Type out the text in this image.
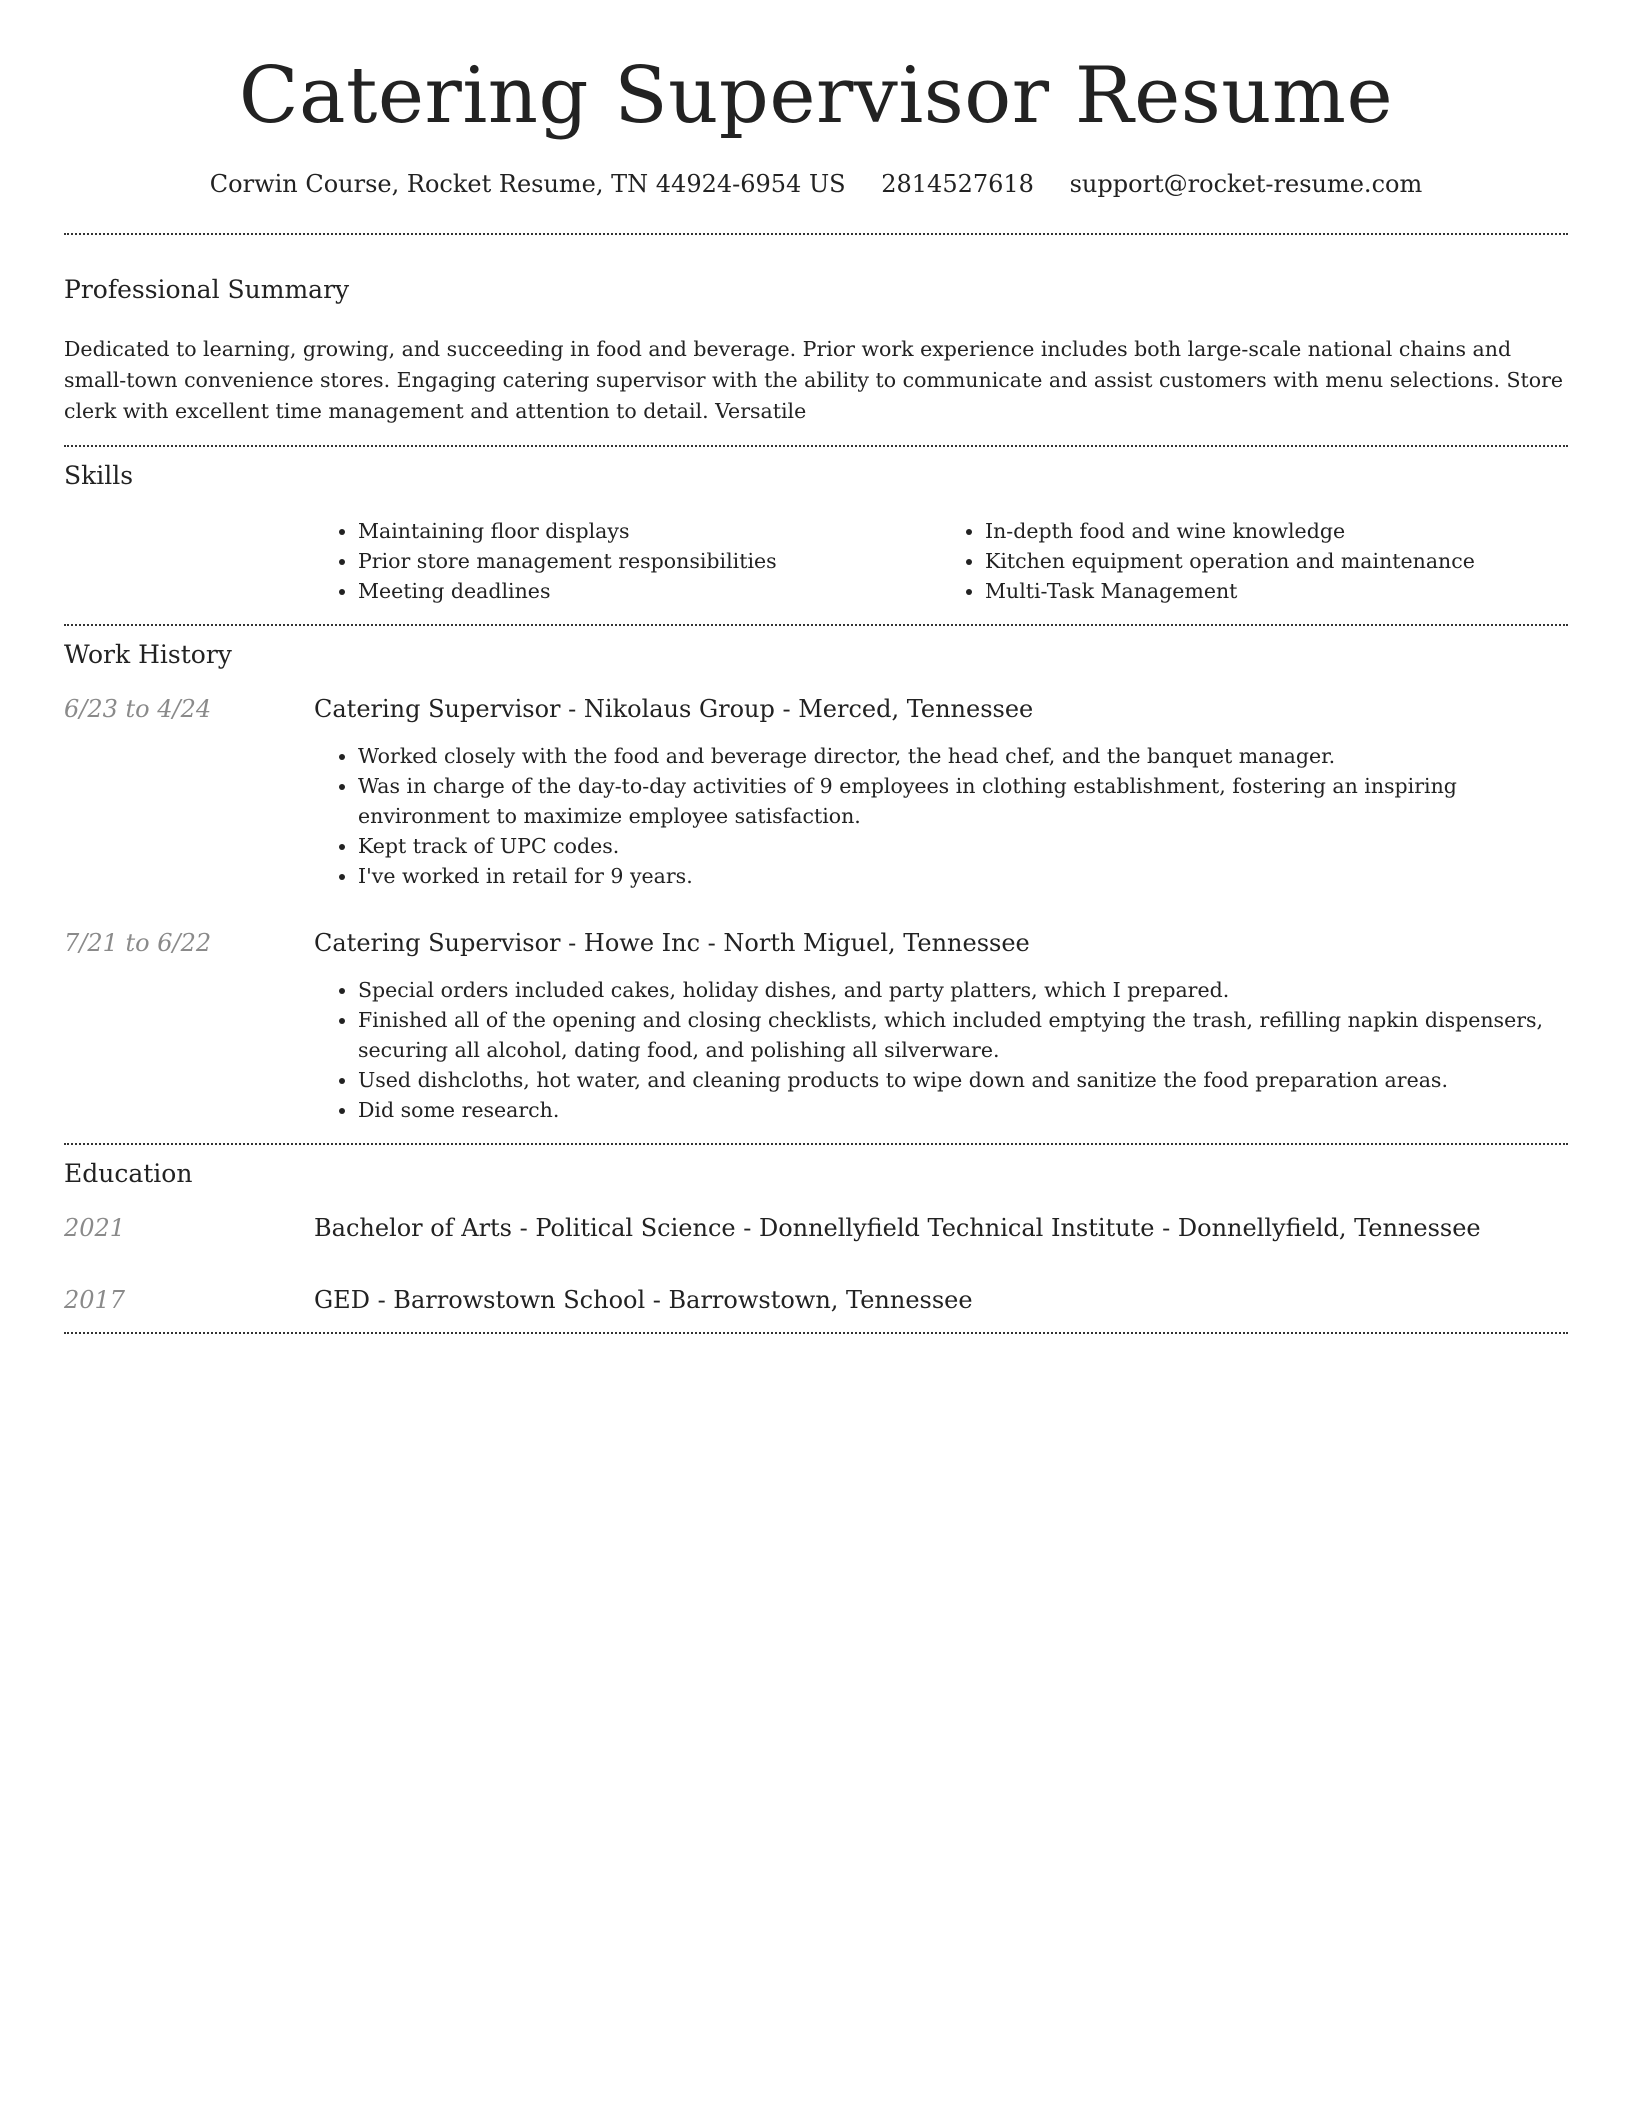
Catering Supervisor Resume
Corwin Course, Rocket Resume, TN 44924-6954 US 2814527618 support@rocket-resume.com
Professional Summary

Dedicated to learning, growing, and succeeding in food and beverage. Prior work experience includes both large-scale national chains and small-town convenience stores. Engaging catering supervisor with the ability to communicate and assist customers with menu selections. Store clerk with excellent time management and attention to detail. Versatile

Skills
• Maintaining floor displays
• Prior store management responsibilities
• Meeting deadlines
• In-depth food and wine knowledge
• Kitchen equipment operation and maintenance
• Multi-Task Management
Work History
6/23 to 4/24	Catering Supervisor - Nikolaus Group - Merced, Tennessee
• Worked closely with the food and beverage director, the head chef, and the banquet manager.
• Was in charge of the day-to-day activities of 9 employees in clothing establishment, fostering an inspiring environment to maximize employee satisfaction.
• Kept track of UPC codes.
• I've worked in retail for 9 years.
7/21 to 6/22	Catering Supervisor - Howe Inc - North Miguel, Tennessee
• Special orders included cakes, holiday dishes, and party platters, which I prepared.
• Finished all of the opening and closing checklists, which included emptying the trash, refilling napkin dispensers, securing all alcohol, dating food, and polishing all silverware.
• Used dishcloths, hot water, and cleaning products to wipe down and sanitize the food preparation areas.
• Did some research.
Education
2021	Bachelor of Arts - Political Science - Donnellyfield Technical Institute - Donnellyfield, Tennessee
2017	GED - Barrowstown School - Barrowstown, Tennessee
